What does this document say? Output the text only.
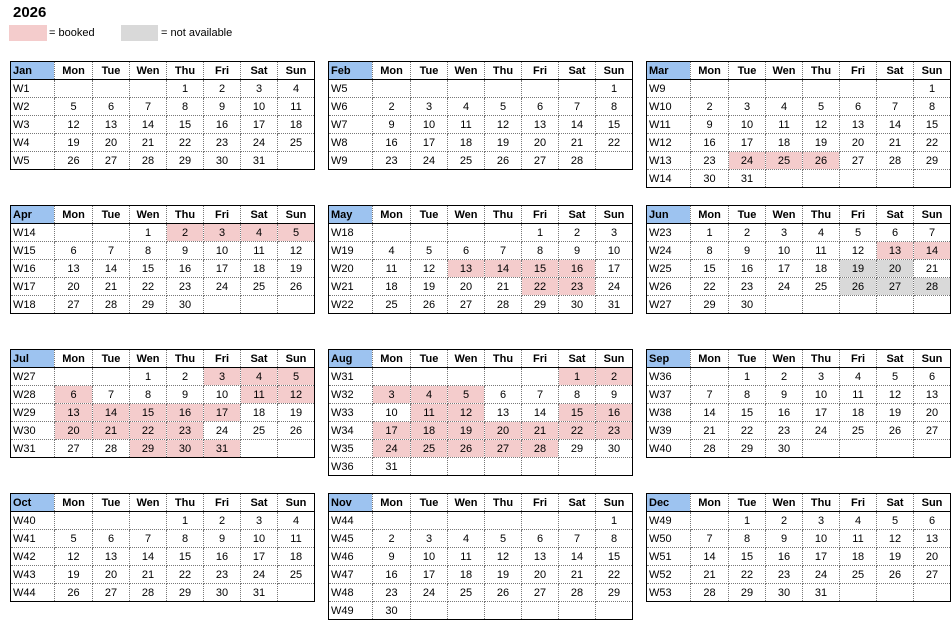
2026
= booked	= not available
Jan	Mon	Tue	Wen	Thu	Fri	Sat	Sun
W1				1	2	3	4
W2	5	6	7	8	9	10	11
W3	12	13	14	15	16	17	18
W4	19	20	21	22	23	24	25
W5	26	27	28	29	30	31	
Feb	Mon	Tue	Wen	Thu	Fri	Sat	Sun
W5							1
W6	2	3	4	5	6	7	8
W7	9	10	11	12	13	14	15
W8	16	17	18	19	20	21	22
W9	23	24	25	26	27	28	
Mar	Mon	Tue	Wen	Thu	Fri	Sat	Sun
W9							1
W10	2	3	4	5	6	7	8
W11	9	10	11	12	13	14	15
W12	16	17	18	19	20	21	22
W13	23	24	25	26	27	28	29
W14	30	31					
Apr	Mon	Tue	Wen	Thu	Fri	Sat	Sun
W14			1	2	3	4	5
W15	6	7	8	9	10	11	12
W16	13	14	15	16	17	18	19
W17	20	21	22	23	24	25	26
W18	27	28	29	30			
May	Mon	Tue	Wen	Thu	Fri	Sat	Sun
W18					1	2	3
W19	4	5	6	7	8	9	10
W20	11	12	13	14	15	16	17
W21	18	19	20	21	22	23	24
W22	25	26	27	28	29	30	31
Jun	Mon	Tue	Wen	Thu	Fri	Sat	Sun
W23	1	2	3	4	5	6	7
W24	8	9	10	11	12	13	14
W25	15	16	17	18	19	20	21
W26	22	23	24	25	26	27	28
W27	29	30					
Jul	Mon	Tue	Wen	Thu	Fri	Sat	Sun
W27			1	2	3	4	5
W28	6	7	8	9	10	11	12
W29	13	14	15	16	17	18	19
W30	20	21	22	23	24	25	26
W31	27	28	29	30	31		
Aug	Mon	Tue	Wen	Thu	Fri	Sat	Sun
W31						1	2
W32	3	4	5	6	7	8	9
W33	10	11	12	13	14	15	16
W34	17	18	19	20	21	22	23
W35	24	25	26	27	28	29	30
W36	31						
Sep	Mon	Tue	Wen	Thu	Fri	Sat	Sun
W36		1	2	3	4	5	6
W37	7	8	9	10	11	12	13
W38	14	15	16	17	18	19	20
W39	21	22	23	24	25	26	27
W40	28	29	30				
Oct	Mon	Tue	Wen	Thu	Fri	Sat	Sun
W40				1	2	3	4
W41	5	6	7	8	9	10	11
W42	12	13	14	15	16	17	18
W43	19	20	21	22	23	24	25
W44	26	27	28	29	30	31	
Nov	Mon	Tue	Wen	Thu	Fri	Sat	Sun
W44							1
W45	2	3	4	5	6	7	8
W46	9	10	11	12	13	14	15
W47	16	17	18	19	20	21	22
W48	23	24	25	26	27	28	29
W49	30						
Dec	Mon	Tue	Wen	Thu	Fri	Sat	Sun
W49		1	2	3	4	5	6
W50	7	8	9	10	11	12	13
W51	14	15	16	17	18	19	20
W52	21	22	23	24	25	26	27
W53	28	29	30	31			
